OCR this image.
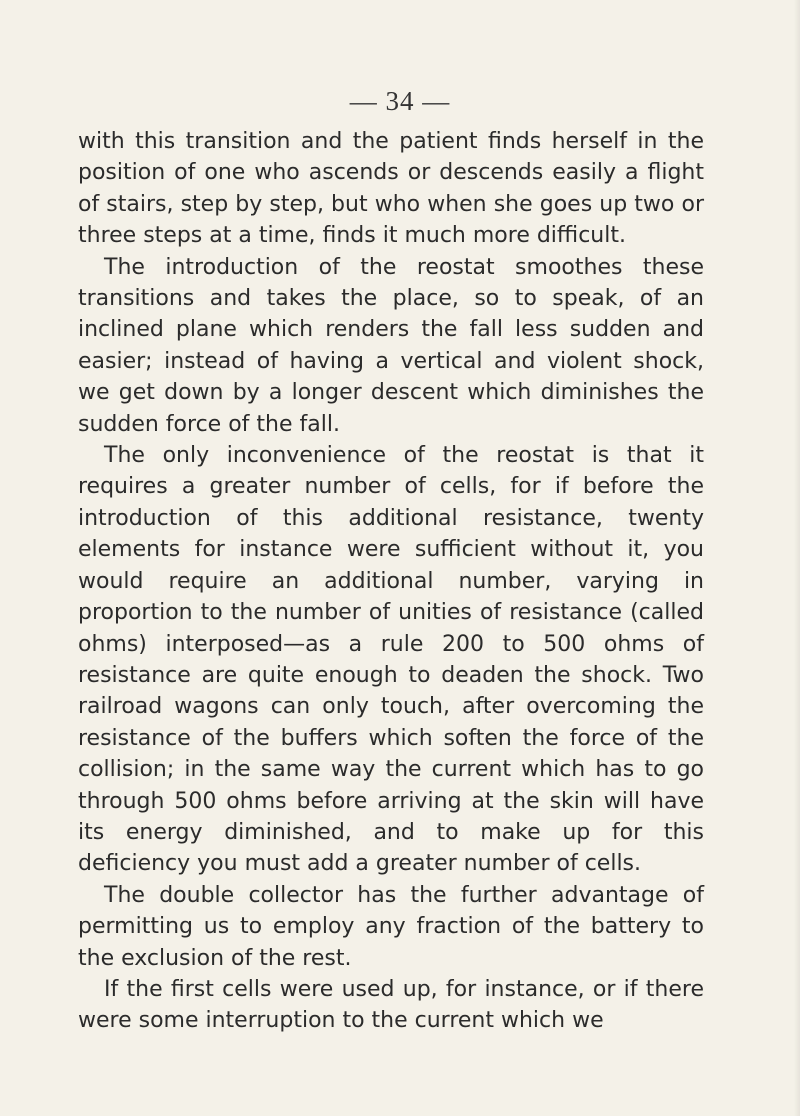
— 34 —

with this transition and the patient finds herself in the position of one who ascends or descends easily a flight of stairs, step by step, but who when she goes up two or three steps at a time, finds it much more difficult.

The introduction of the reostat smoothes these transitions and takes the place, so to speak, of an inclined plane which renders the fall less sudden and easier; instead of having a vertical and violent shock, we get down by a longer descent which diminishes the sudden force of the fall.

The only inconvenience of the reostat is that it requires a greater number of cells, for if before the introduction of this additional resistance, twenty elements for instance were sufficient without it, you would require an additional number, varying in proportion to the number of unities of resistance (called ohms) interposed—as a rule 200 to 500 ohms of resistance are quite enough to deaden the shock. Two railroad wagons can only touch, after overcoming the resistance of the buffers which soften the force of the collision; in the same way the current which has to go through 500 ohms before arriving at the skin will have its energy diminished, and to make up for this deficiency you must add a greater number of cells.

The double collector has the further advantage of permitting us to employ any fraction of the battery to the exclusion of the rest.

If the first cells were used up, for instance, or if there were some interruption to the current which we
